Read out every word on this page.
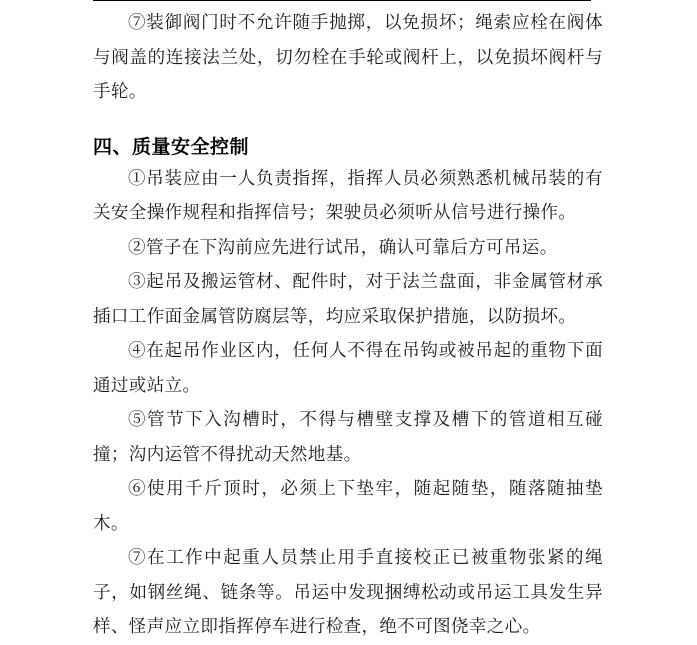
⑦装御阀门时不允许随手抛掷，以免损坏；绳索应栓在阀体与阀盖的连接法兰处，切勿栓在手轮或阀杆上，以免损坏阀杆与手轮。

四、质量安全控制

①吊装应由一人负责指挥，指挥人员必须熟悉机械吊装的有关安全操作规程和指挥信号；架驶员必须听从信号进行操作。

②管子在下沟前应先进行试吊，确认可靠后方可吊运。

③起吊及搬运管材、配件时，对于法兰盘面，非金属管材承插口工作面金属管防腐层等，均应采取保护措施，以防损坏。

④在起吊作业区内，任何人不得在吊钩或被吊起的重物下面通过或站立。

⑤管节下入沟槽时，不得与槽壁支撑及槽下的管道相互碰撞；沟内运管不得扰动天然地基。

⑥使用千斤顶时，必须上下垫牢，随起随垫，随落随抽垫木。

⑦在工作中起重人员禁止用手直接校正已被重物张紧的绳子，如钢丝绳、链条等。吊运中发现捆缚松动或吊运工具发生异样、怪声应立即指挥停车进行检查，绝不可图侥幸之心。
